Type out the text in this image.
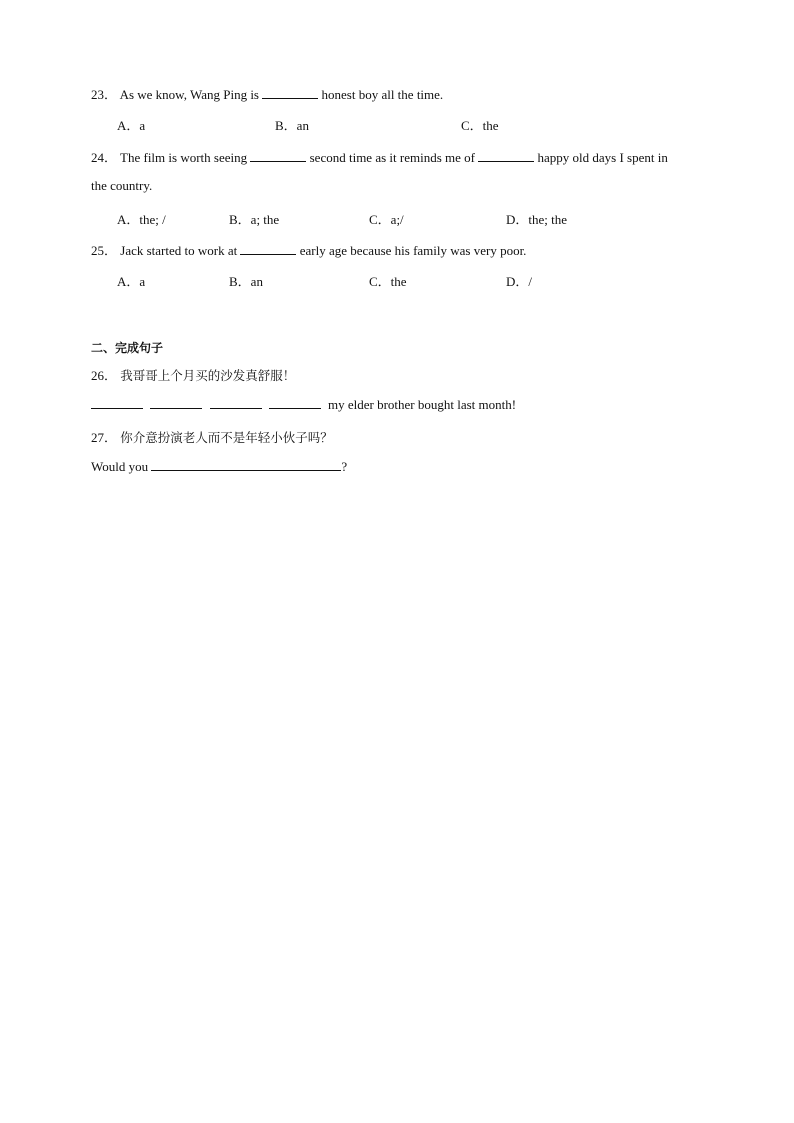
23． As we know, Wang Ping is	honest boy all the time.
A．a	B．an	C．the
24． The film is worth seeing	second time as it reminds me of	happy old days I spent in
the country.
A．the; /	B．a; the	C．a;/	D．the; the
25． Jack started to work at	early age because his family was very poor.
A．a	B．an	C．the	D．/
二、完成句子
26． 我哥哥上个月买的沙发真舒服！
my elder brother bought last month!
27． 你介意扮演老人而不是年轻小伙子吗？
Would you	?
